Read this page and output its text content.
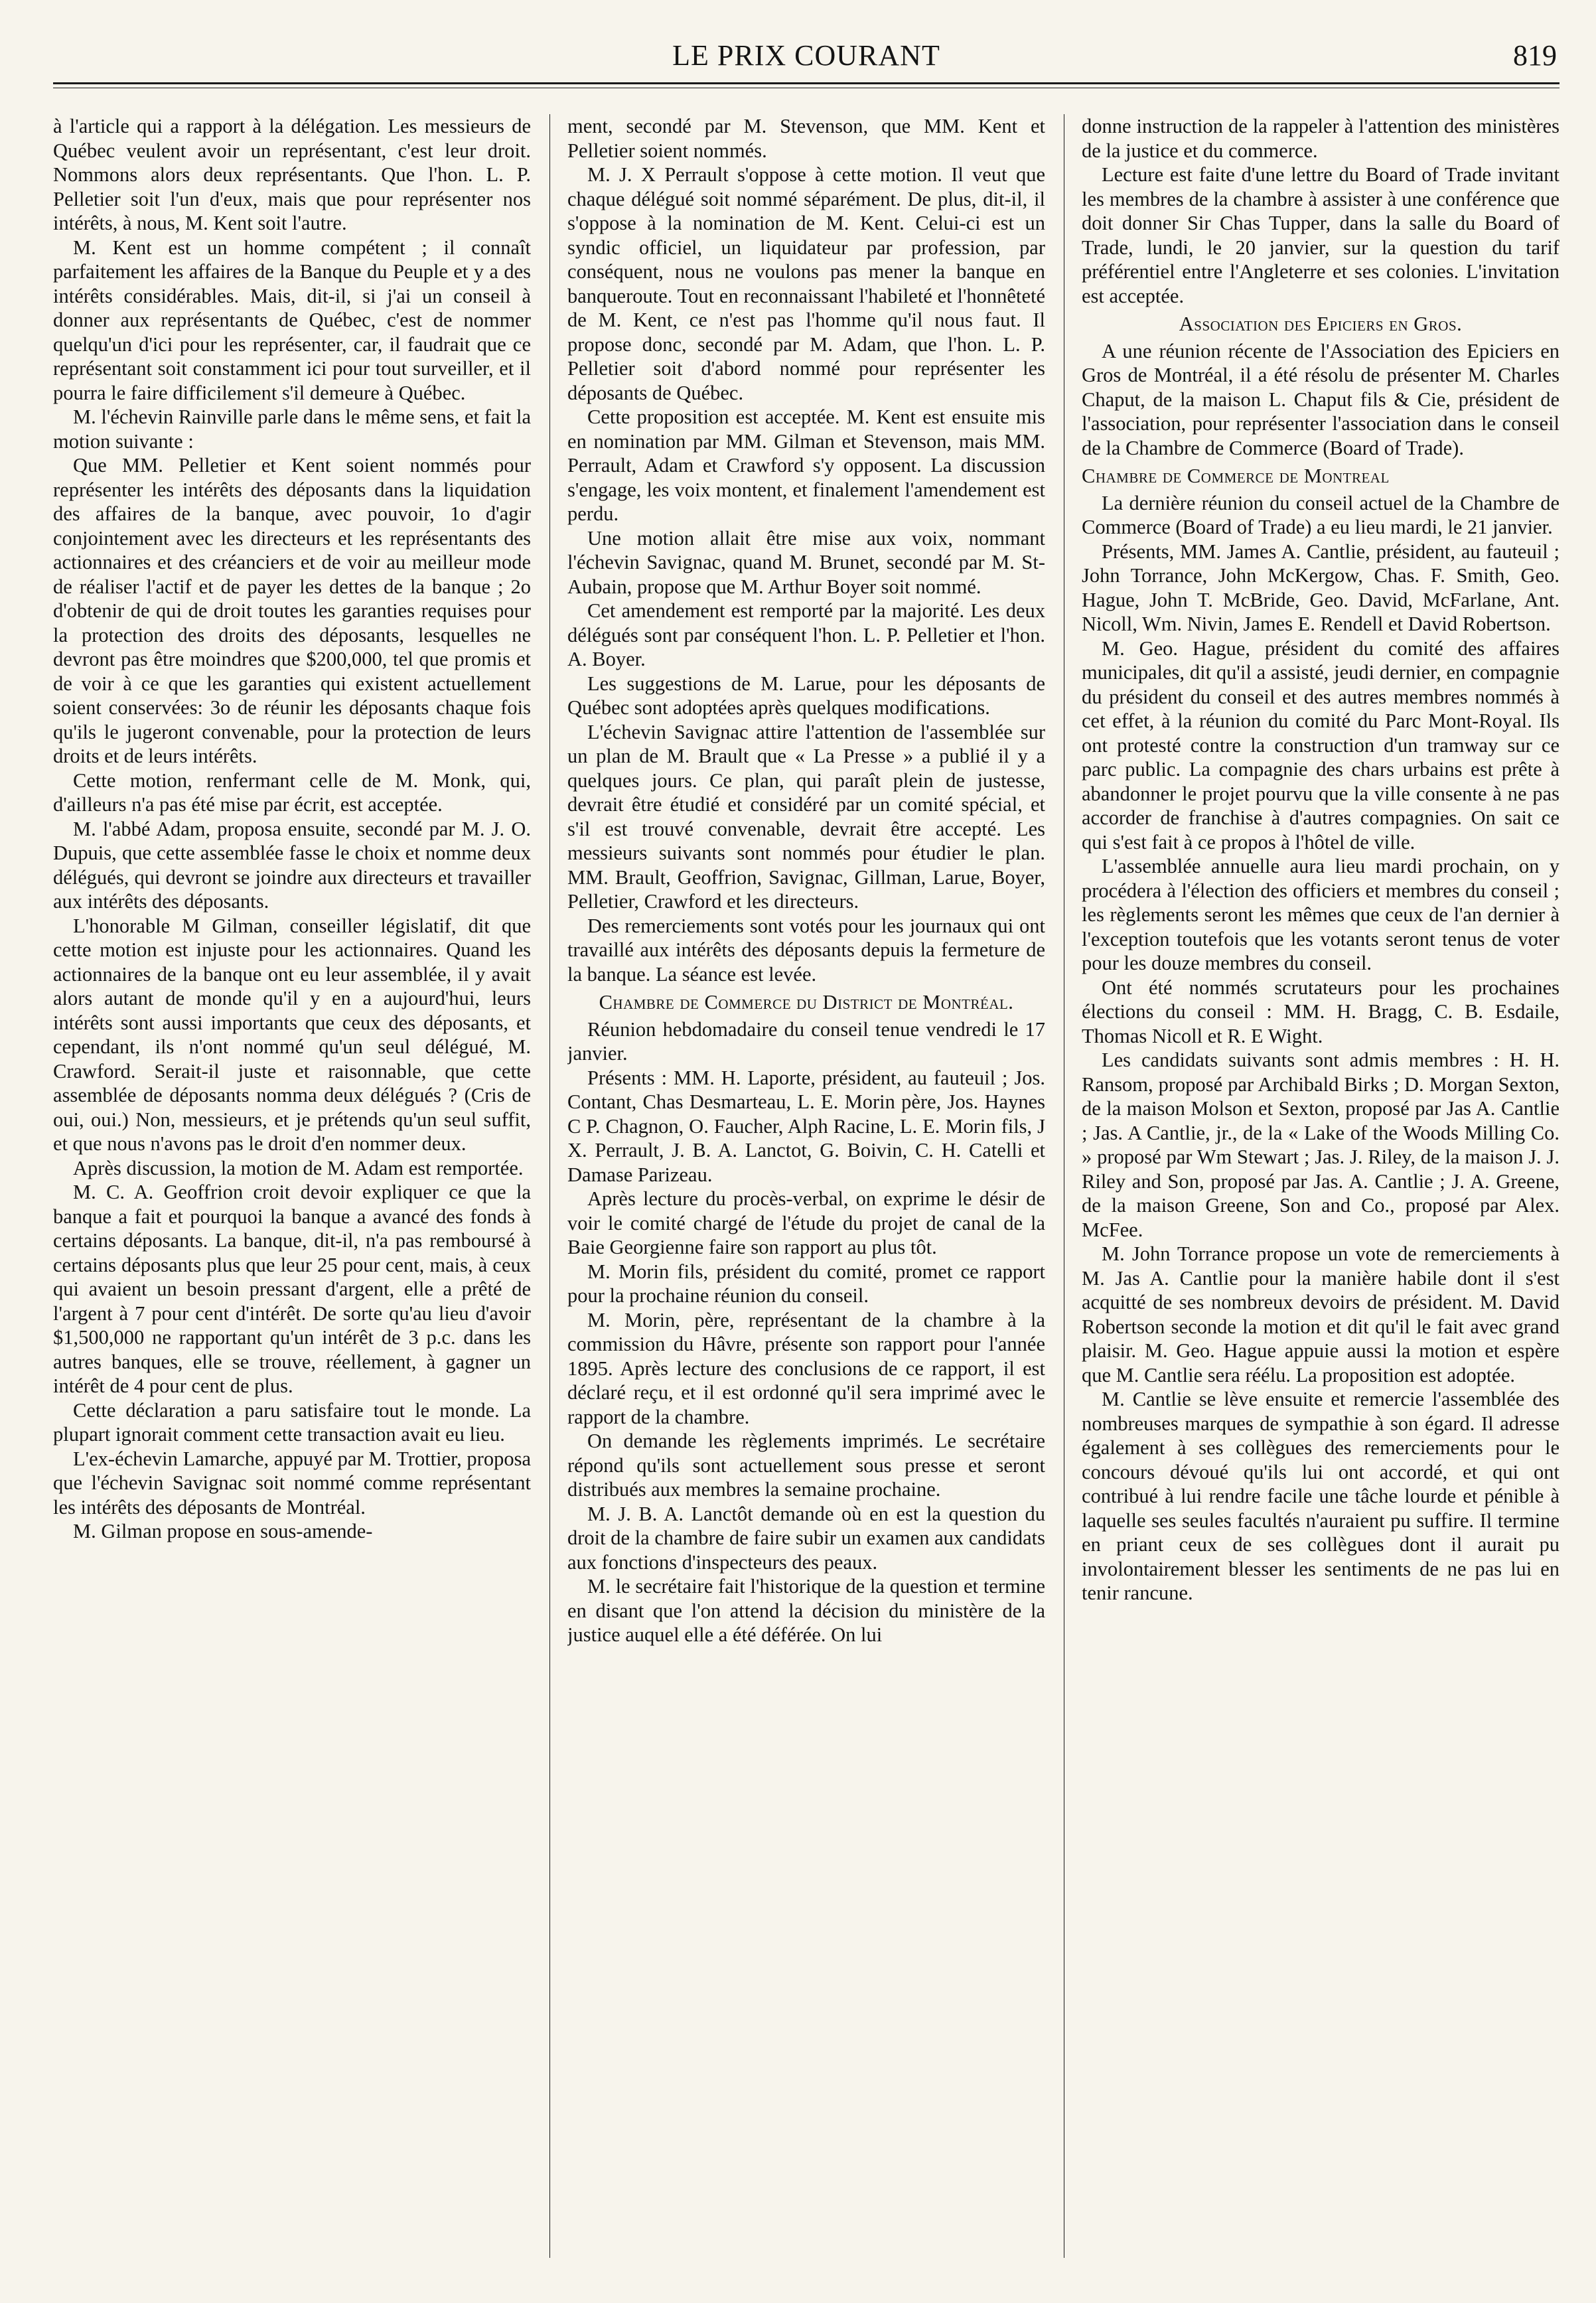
LE PRIX COURANT	819

à l'article qui a rapport à la délégation. Les messieurs de Québec veulent avoir un représentant, c'est leur droit. Nommons alors deux représentants. Que l'hon. L. P. Pelletier soit l'un d'eux, mais que pour représenter nos intérêts, à nous, M. Kent soit l'autre.

M. Kent est un homme compétent ; il connaît parfaitement les affaires de la Banque du Peuple et y a des intérêts considérables. Mais, dit-il, si j'ai un conseil à donner aux représentants de Québec, c'est de nommer quelqu'un d'ici pour les représenter, car, il faudrait que ce représentant soit constamment ici pour tout surveiller, et il pourra le faire difficilement s'il demeure à Québec.

M. l'échevin Rainville parle dans le même sens, et fait la motion suivante :

Que MM. Pelletier et Kent soient nommés pour représenter les intérêts des déposants dans la liquidation des affaires de la banque, avec pouvoir, 1o d'agir conjointement avec les directeurs et les représentants des actionnaires et des créanciers et de voir au meilleur mode de réaliser l'actif et de payer les dettes de la banque ; 2o d'obtenir de qui de droit toutes les garanties requises pour la protection des droits des déposants, lesquelles ne devront pas être moindres que $200,000, tel que promis et de voir à ce que les garanties qui existent actuellement soient conservées: 3o de réunir les déposants chaque fois qu'ils le jugeront convenable, pour la protection de leurs droits et de leurs intérêts.

Cette motion, renfermant celle de M. Monk, qui, d'ailleurs n'a pas été mise par écrit, est acceptée.

M. l'abbé Adam, proposa ensuite, secondé par M. J. O. Dupuis, que cette assemblée fasse le choix et nomme deux délégués, qui devront se joindre aux directeurs et travailler aux intérêts des déposants.

L'honorable M Gilman, conseiller législatif, dit que cette motion est injuste pour les actionnaires. Quand les actionnaires de la banque ont eu leur assemblée, il y avait alors autant de monde qu'il y en a aujourd'hui, leurs intérêts sont aussi importants que ceux des déposants, et cependant, ils n'ont nommé qu'un seul délégué, M. Crawford. Serait-il juste et raisonnable, que cette assemblée de déposants nomma deux délégués ? (Cris de oui, oui.) Non, messieurs, et je prétends qu'un seul suffit, et que nous n'avons pas le droit d'en nommer deux.

Après discussion, la motion de M. Adam est remportée.

M. C. A. Geoffrion croit devoir expliquer ce que la banque a fait et pourquoi la banque a avancé des fonds à certains déposants. La banque, dit-il, n'a pas remboursé à certains déposants plus que leur 25 pour cent, mais, à ceux qui avaient un besoin pressant d'argent, elle a prêté de l'argent à 7 pour cent d'intérêt. De sorte qu'au lieu d'avoir $1,500,000 ne rapportant qu'un intérêt de 3 p.c. dans les autres banques, elle se trouve, réellement, à gagner un intérêt de 4 pour cent de plus.

Cette déclaration a paru satisfaire tout le monde. La plupart ignorait comment cette transaction avait eu lieu.

L'ex-échevin Lamarche, appuyé par M. Trottier, proposa que l'échevin Savignac soit nommé comme représentant les intérêts des déposants de Montréal.

M. Gilman propose en sous-amende-

ment, secondé par M. Stevenson, que MM. Kent et Pelletier soient nommés.

M. J. X Perrault s'oppose à cette motion. Il veut que chaque délégué soit nommé séparément. De plus, dit-il, il s'oppose à la nomination de M. Kent. Celui-ci est un syndic officiel, un liquidateur par profession, par conséquent, nous ne voulons pas mener la banque en banqueroute. Tout en reconnaissant l'habileté et l'honnêteté de M. Kent, ce n'est pas l'homme qu'il nous faut. Il propose donc, secondé par M. Adam, que l'hon. L. P. Pelletier soit d'abord nommé pour représenter les déposants de Québec.

Cette proposition est acceptée. M. Kent est ensuite mis en nomination par MM. Gilman et Stevenson, mais MM. Perrault, Adam et Crawford s'y opposent. La discussion s'engage, les voix montent, et finalement l'amendement est perdu.

Une motion allait être mise aux voix, nommant l'échevin Savignac, quand M. Brunet, secondé par M. St-Aubain, propose que M. Arthur Boyer soit nommé.

Cet amendement est remporté par la majorité. Les deux délégués sont par conséquent l'hon. L. P. Pelletier et l'hon. A. Boyer.

Les suggestions de M. Larue, pour les déposants de Québec sont adoptées après quelques modifications.

L'échevin Savignac attire l'attention de l'assemblée sur un plan de M. Brault que « La Presse » a publié il y a quelques jours. Ce plan, qui paraît plein de justesse, devrait être étudié et considéré par un comité spécial, et s'il est trouvé convenable, devrait être accepté. Les messieurs suivants sont nommés pour étudier le plan. MM. Brault, Geoffrion, Savignac, Gillman, Larue, Boyer, Pelletier, Crawford et les directeurs.

Des remerciements sont votés pour les journaux qui ont travaillé aux intérêts des déposants depuis la fermeture de la banque. La séance est levée.

Chambre de Commerce du District de Montréal.

Réunion hebdomadaire du conseil tenue vendredi le 17 janvier.

Présents : MM. H. Laporte, président, au fauteuil ; Jos. Contant, Chas Desmarteau, L. E. Morin père, Jos. Haynes C P. Chagnon, O. Faucher, Alph Racine, L. E. Morin fils, J X. Perrault, J. B. A. Lanctot, G. Boivin, C. H. Catelli et Damase Parizeau.

Après lecture du procès-verbal, on exprime le désir de voir le comité chargé de l'étude du projet de canal de la Baie Georgienne faire son rapport au plus tôt.

M. Morin fils, président du comité, promet ce rapport pour la prochaine réunion du conseil.

M. Morin, père, représentant de la chambre à la commission du Hâvre, présente son rapport pour l'année 1895. Après lecture des conclusions de ce rapport, il est déclaré reçu, et il est ordonné qu'il sera imprimé avec le rapport de la chambre.

On demande les règlements imprimés. Le secrétaire répond qu'ils sont actuellement sous presse et seront distribués aux membres la semaine prochaine.

M. J. B. A. Lanctôt demande où en est la question du droit de la chambre de faire subir un examen aux candidats aux fonctions d'inspecteurs des peaux.

M. le secrétaire fait l'historique de la question et termine en disant que l'on attend la décision du ministère de la justice auquel elle a été déférée. On lui

donne instruction de la rappeler à l'attention des ministères de la justice et du commerce.

Lecture est faite d'une lettre du Board of Trade invitant les membres de la chambre à assister à une conférence que doit donner Sir Chas Tupper, dans la salle du Board of Trade, lundi, le 20 janvier, sur la question du tarif préférentiel entre l'Angleterre et ses colonies. L'invitation est acceptée.

Association des Epiciers en Gros.

A une réunion récente de l'Association des Epiciers en Gros de Montréal, il a été résolu de présenter M. Charles Chaput, de la maison L. Chaput fils & Cie, président de l'association, pour représenter l'association dans le conseil de la Chambre de Commerce (Board of Trade).

Chambre de Commerce de Montreal

La dernière réunion du conseil actuel de la Chambre de Commerce (Board of Trade) a eu lieu mardi, le 21 janvier.

Présents, MM. James A. Cantlie, président, au fauteuil ; John Torrance, John McKergow, Chas. F. Smith, Geo. Hague, John T. McBride, Geo. David, McFarlane, Ant. Nicoll, Wm. Nivin, James E. Rendell et David Robertson.

M. Geo. Hague, président du comité des affaires municipales, dit qu'il a assisté, jeudi dernier, en compagnie du président du conseil et des autres membres nommés à cet effet, à la réunion du comité du Parc Mont-Royal. Ils ont protesté contre la construction d'un tramway sur ce parc public. La compagnie des chars urbains est prête à abandonner le projet pourvu que la ville consente à ne pas accorder de franchise à d'autres compagnies. On sait ce qui s'est fait à ce propos à l'hôtel de ville.

L'assemblée annuelle aura lieu mardi prochain, on y procédera à l'élection des officiers et membres du conseil ; les règlements seront les mêmes que ceux de l'an dernier à l'exception toutefois que les votants seront tenus de voter pour les douze membres du conseil.

Ont été nommés scrutateurs pour les prochaines élections du conseil : MM. H. Bragg, C. B. Esdaile, Thomas Nicoll et R. E Wight.

Les candidats suivants sont admis membres : H. H. Ransom, proposé par Archibald Birks ; D. Morgan Sexton, de la maison Molson et Sexton, proposé par Jas A. Cantlie ; Jas. A Cantlie, jr., de la « Lake of the Woods Milling Co. » proposé par Wm Stewart ; Jas. J. Riley, de la maison J. J. Riley and Son, proposé par Jas. A. Cantlie ; J. A. Greene, de la maison Greene, Son and Co., proposé par Alex. McFee.

M. John Torrance propose un vote de remerciements à M. Jas A. Cantlie pour la manière habile dont il s'est acquitté de ses nombreux devoirs de président. M. David Robertson seconde la motion et dit qu'il le fait avec grand plaisir. M. Geo. Hague appuie aussi la motion et espère que M. Cantlie sera réélu. La proposition est adoptée.

M. Cantlie se lève ensuite et remercie l'assemblée des nombreuses marques de sympathie à son égard. Il adresse également à ses collègues des remerciements pour le concours dévoué qu'ils lui ont accordé, et qui ont contribué à lui rendre facile une tâche lourde et pénible à laquelle ses seules facultés n'auraient pu suffire. Il termine en priant ceux de ses collègues dont il aurait pu involontairement blesser les sentiments de ne pas lui en tenir rancune.
